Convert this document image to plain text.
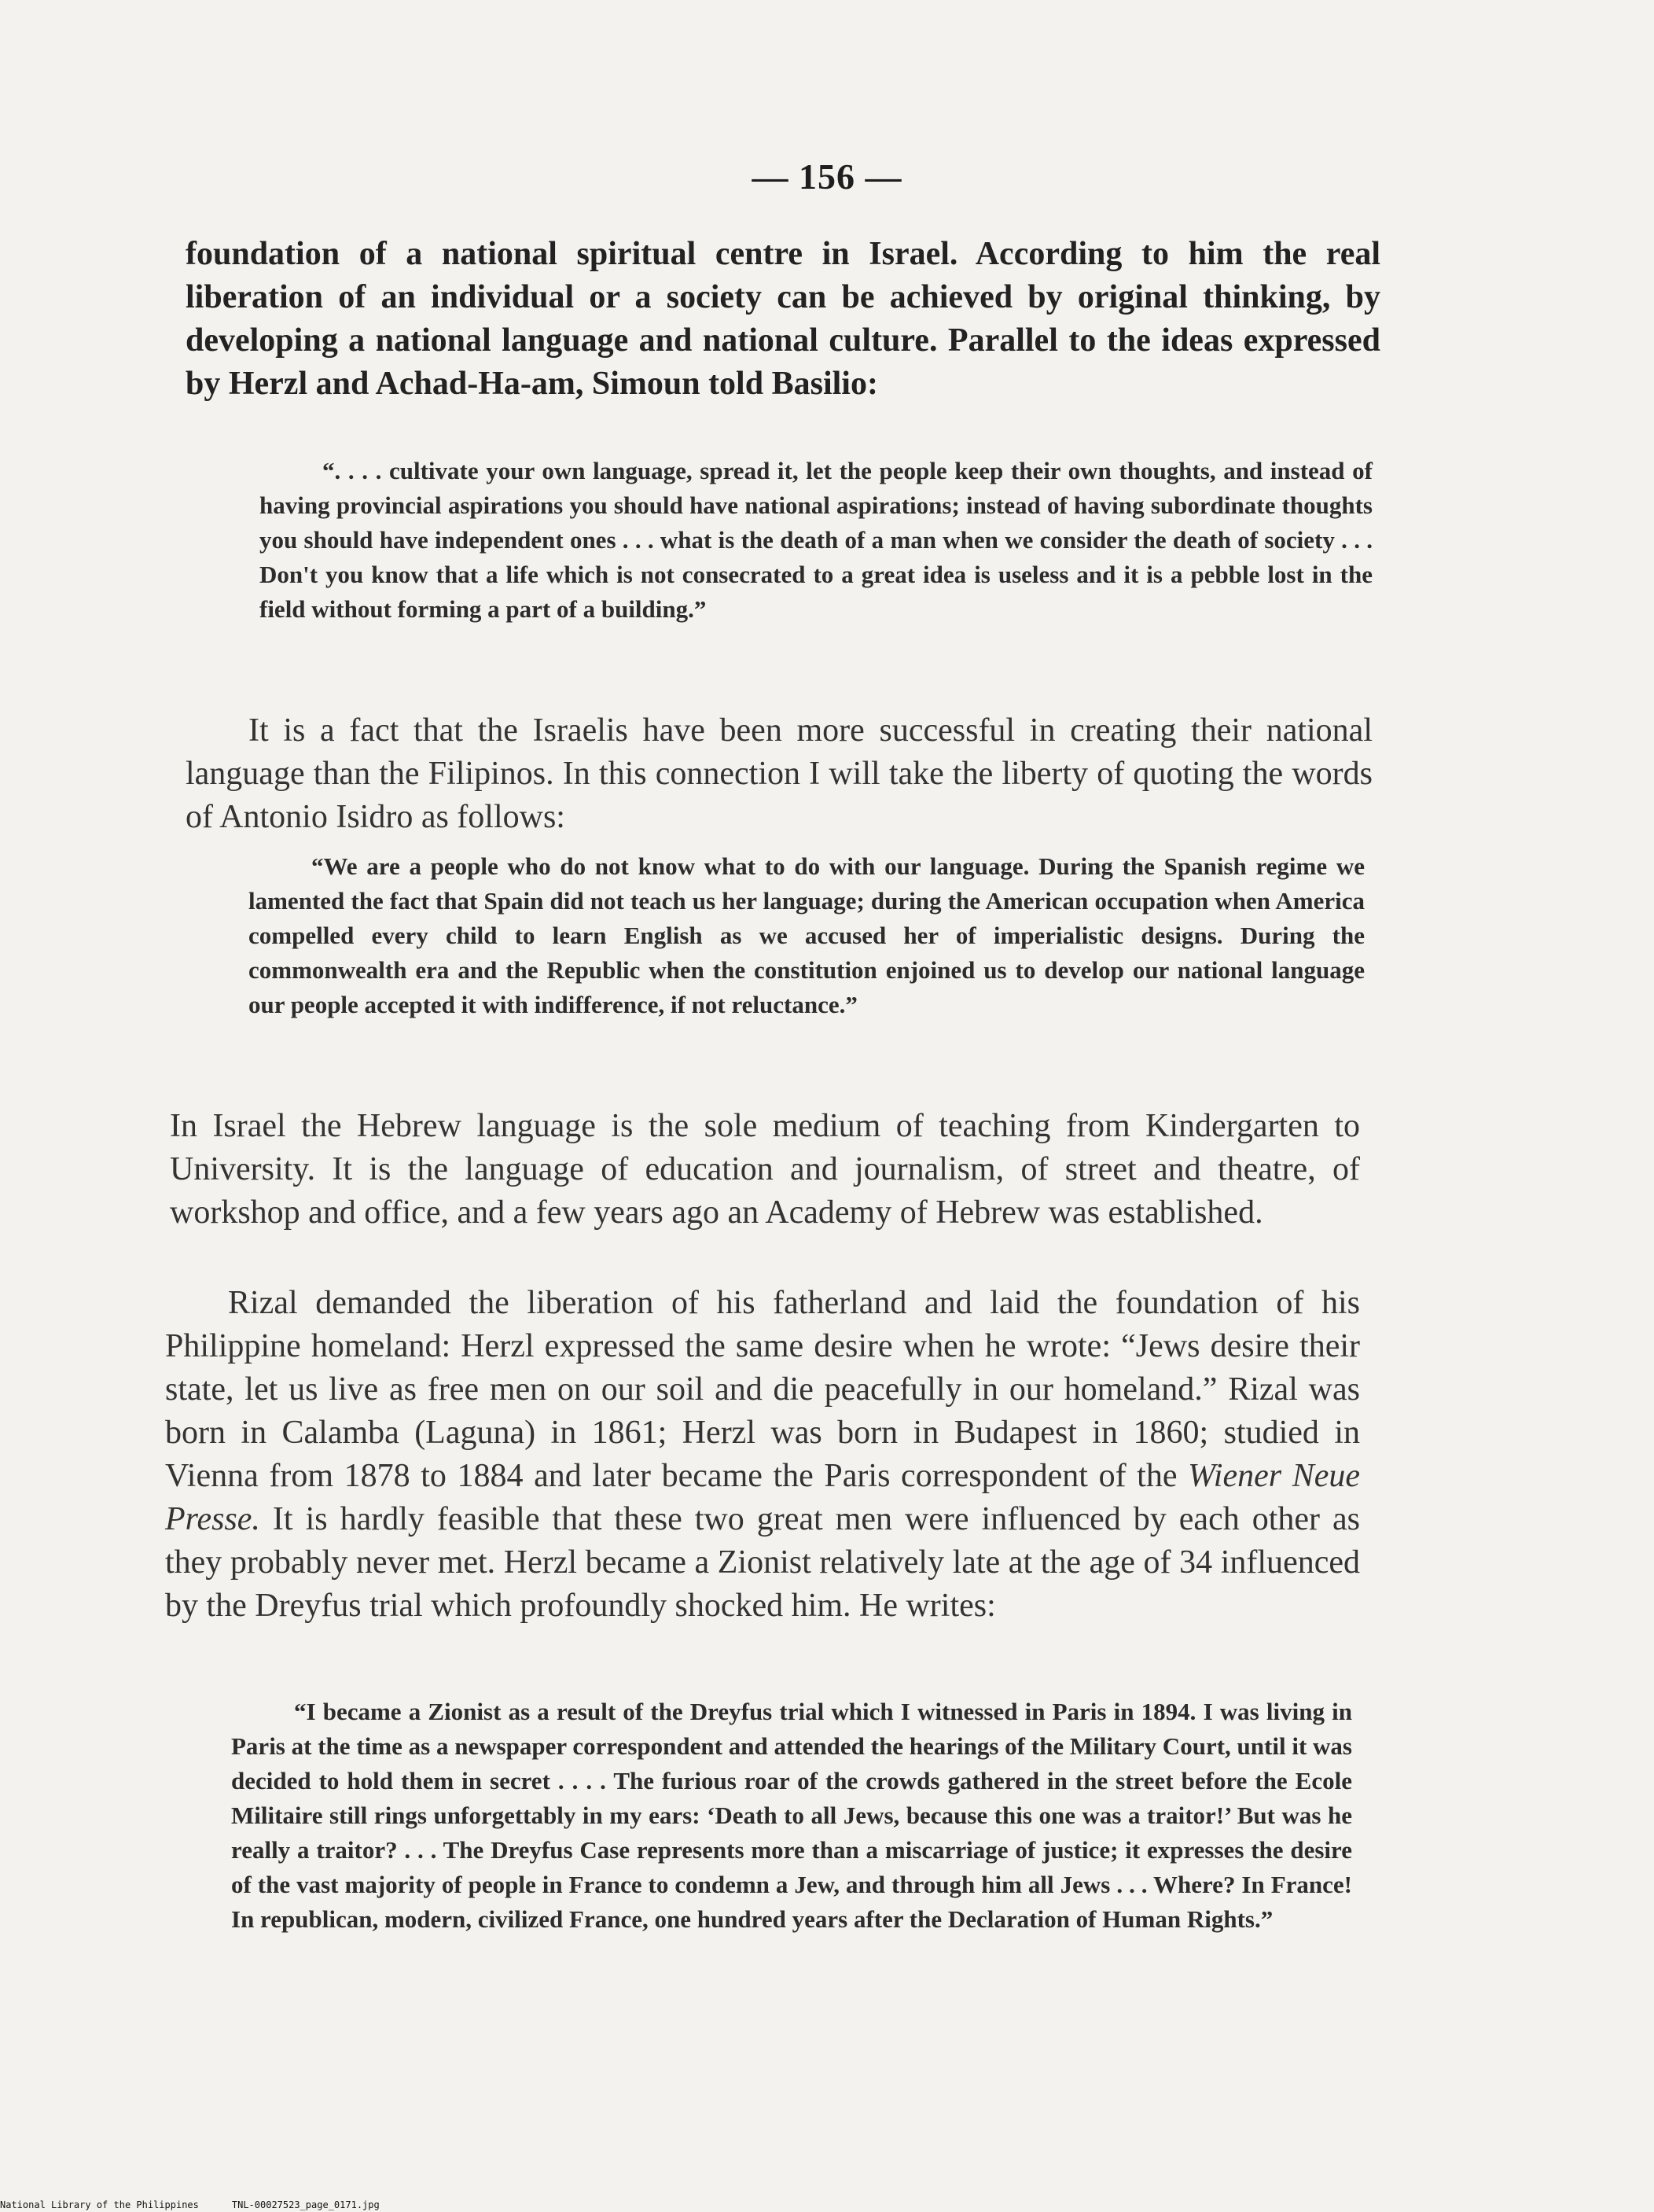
— 156 —

foundation of a national spiritual centre in Israel. According to him the real liberation of an individual or a society can be achieved by original thinking, by developing a national language and national culture. Parallel to the ideas expressed by Herzl and Achad-Ha-am, Simoun told Basilio:

“. . . . cultivate your own language, spread it, let the people keep their own thoughts, and instead of having provincial aspirations you should have national aspirations; instead of having subordinate thoughts you should have independent ones . . . what is the death of a man when we consider the death of society . . . Don't you know that a life which is not consecrated to a great idea is useless and it is a pebble lost in the field without forming a part of a building.”

It is a fact that the Israelis have been more successful in creating their national language than the Filipinos. In this connection I will take the liberty of quoting the words of Antonio Isidro as follows:

“We are a people who do not know what to do with our language. During the Spanish regime we lamented the fact that Spain did not teach us her language; during the American occupation when America compelled every child to learn English as we accused her of imperialistic designs. During the commonwealth era and the Republic when the constitution enjoined us to develop our national language our people accepted it with indifference, if not reluctance.”

In Israel the Hebrew language is the sole medium of teaching from Kindergarten to University. It is the language of education and journalism, of street and theatre, of workshop and office, and a few years ago an Academy of Hebrew was established.

Rizal demanded the liberation of his fatherland and laid the foundation of his Philippine homeland: Herzl expressed the same desire when he wrote: “Jews desire their state, let us live as free men on our soil and die peacefully in our homeland.” Rizal was born in Calamba (Laguna) in 1861; Herzl was born in Budapest in 1860; studied in Vienna from 1878 to 1884 and later became the Paris correspondent of the Wiener Neue Presse. It is hardly feasible that these two great men were influenced by each other as they probably never met. Herzl became a Zionist relatively late at the age of 34 influenced by the Dreyfus trial which profoundly shocked him. He writes:

“I became a Zionist as a result of the Dreyfus trial which I witnessed in Paris in 1894. I was living in Paris at the time as a newspaper correspondent and attended the hearings of the Military Court, until it was decided to hold them in secret . . . . The furious roar of the crowds gathered in the street before the Ecole Militaire still rings unforgettably in my ears: ‘Death to all Jews, because this one was a traitor!’ But was he really a traitor? . . . The Dreyfus Case represents more than a miscarriage of justice; it expresses the desire of the vast majority of people in France to condemn a Jew, and through him all Jews . . . Where? In France! In republican, modern, civilized France, one hundred years after the Declaration of Human Rights.”

National Library of the Philippines	TNL-00027523_page_0171.jpg
